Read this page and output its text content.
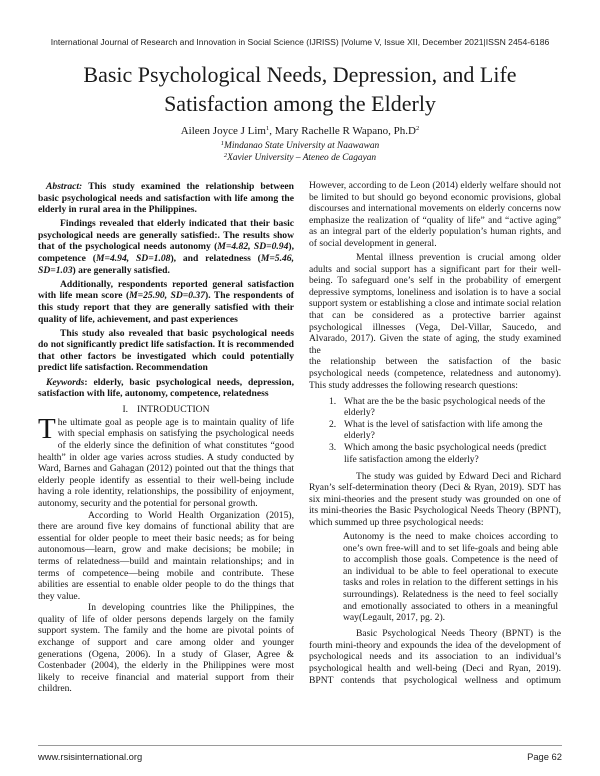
International Journal of Research and Innovation in Social Science (IJRISS) |Volume V, Issue XII, December 2021|ISSN 2454-6186
Basic Psychological Needs, Depression, and Life Satisfaction among the Elderly
Aileen Joyce J Lim$^1$, Mary Rachelle R Wapano, $Ph.D^2$
$^1$Mindanao State University at Naawawan
$^2$Xavier University – Ateneo de Cagayan

Abstract: This study examined the relationship between basic psychological needs and satisfaction with life among the elderly in rural area in the Philippines.

Findings revealed that elderly indicated that their basic psychological needs are generally satisfied:. The results show that of the psychological needs autonomy (M=4.82, SD=0.94), competence (M=4.94, SD=1.08), and relatedness (M=5.46, SD=1.03) are generally satisfied.

Additionally, respondents reported general satisfaction with life mean score (M=25.90, SD=0.37). The respondents of this study report that they are generally satisfied with their quality of life, achievement, and past experiences

This study also revealed that basic psychological needs do not significantly predict life satisfaction. It is recommended that other factors be investigated which could potentially predict life satisfaction. Recommendation

Keywords: elderly, basic psychological needs, depression, satisfaction with life, autonomy, competence, relatedness

I. INTRODUCTION

The ultimate goal as people age is to maintain quality of life with special emphasis on satisfying the psychological needs of the elderly since the definition of what constitutes “good health” in older age varies across studies. A study conducted by Ward, Barnes and Gahagan (2012) pointed out that the things that elderly people identify as essential to their well-being include having a role identity, relationships, the possibility of enjoyment, autonomy, security and the potential for personal growth.

According to World Health Organization (2015), there are around five key domains of functional ability that are essential for older people to meet their basic needs; as for being autonomous—learn, grow and make decisions; be mobile; in terms of relatedness—build and maintain relationships; and in terms of competence—being mobile and contribute. These abilities are essential to enable older people to do the things that they value.

In developing countries like the Philippines, the quality of life of older persons depends largely on the family support system. The family and the home are pivotal points of exchange of support and care among older and younger generations (Ogena, 2006). In a study of Glaser, Agree & Costenbader (2004), the elderly in the Philippines were most likely to receive financial and material support from their children.

However, according to de Leon (2014) elderly welfare should not be limited to but should go beyond economic provisions, global discourses and international movements on elderly concerns now emphasize the realization of “quality of life” and “active aging” as an integral part of the elderly population’s human rights, and of social development in general.

Mental illness prevention is crucial among older adults and social support has a significant part for their well-being. To safeguard one’s self in the probability of emergent depressive symptoms, loneliness and isolation is to have a social support system or establishing a close and intimate social relation that can be considered as a protective barrier against psychological illnesses (Vega, Del-Villar, Saucedo, and Alvarado, 2017). Given the state of aging, the study examined the

the relationship between the satisfaction of the basic psychological needs (competence, relatedness and autonomy). This study addresses the following research questions:

1. What are the be the basic psychological needs of the elderly?
2. What is the level of satisfaction with life among the elderly?
3. Which among the basic psychological needs (predict life satisfaction among the elderly?

The study was guided by Edward Deci and Richard Ryan’s self-determination theory (Deci & Ryan, 2019). SDT has six mini-theories and the present study was grounded on one of its mini-theories the Basic Psychological Needs Theory (BPNT), which summed up three psychological needs:

Autonomy is the need to make choices according to one’s own free-will and to set life-goals and being able to accomplish those goals. Competence is the need of an individual to be able to feel operational to execute tasks and roles in relation to the different settings in his surroundings). Relatedness is the need to feel socially and emotionally associated to others in a meaningful way(Legault, 2017, pg. 2).

Basic Psychological Needs Theory (BPNT) is the fourth mini-theory and expounds the idea of the development of psychological needs and its association to an individual’s psychological health and well-being (Deci and Ryan, 2019). BPNT contends that psychological wellness and optimum

www.rsisinternational.org	Page 62
